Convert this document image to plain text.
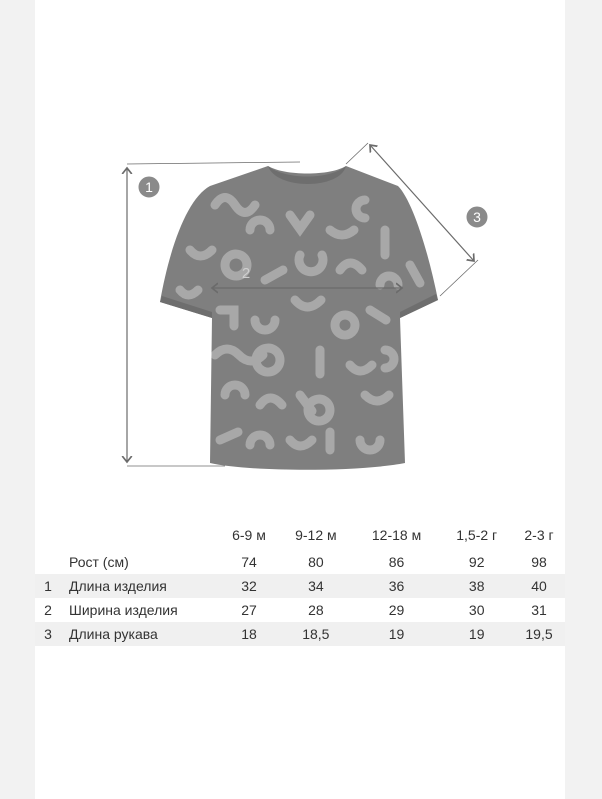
1
2
3
		6-9 м	9-12 м	12-18 м	1,5-2 г	2-3 г
	Рост (см)	74	80	86	92	98
1	Длина изделия	32	34	36	38	40
2	Ширина изделия	27	28	29	30	31
3	Длина рукава	18	18,5	19	19	19,5
